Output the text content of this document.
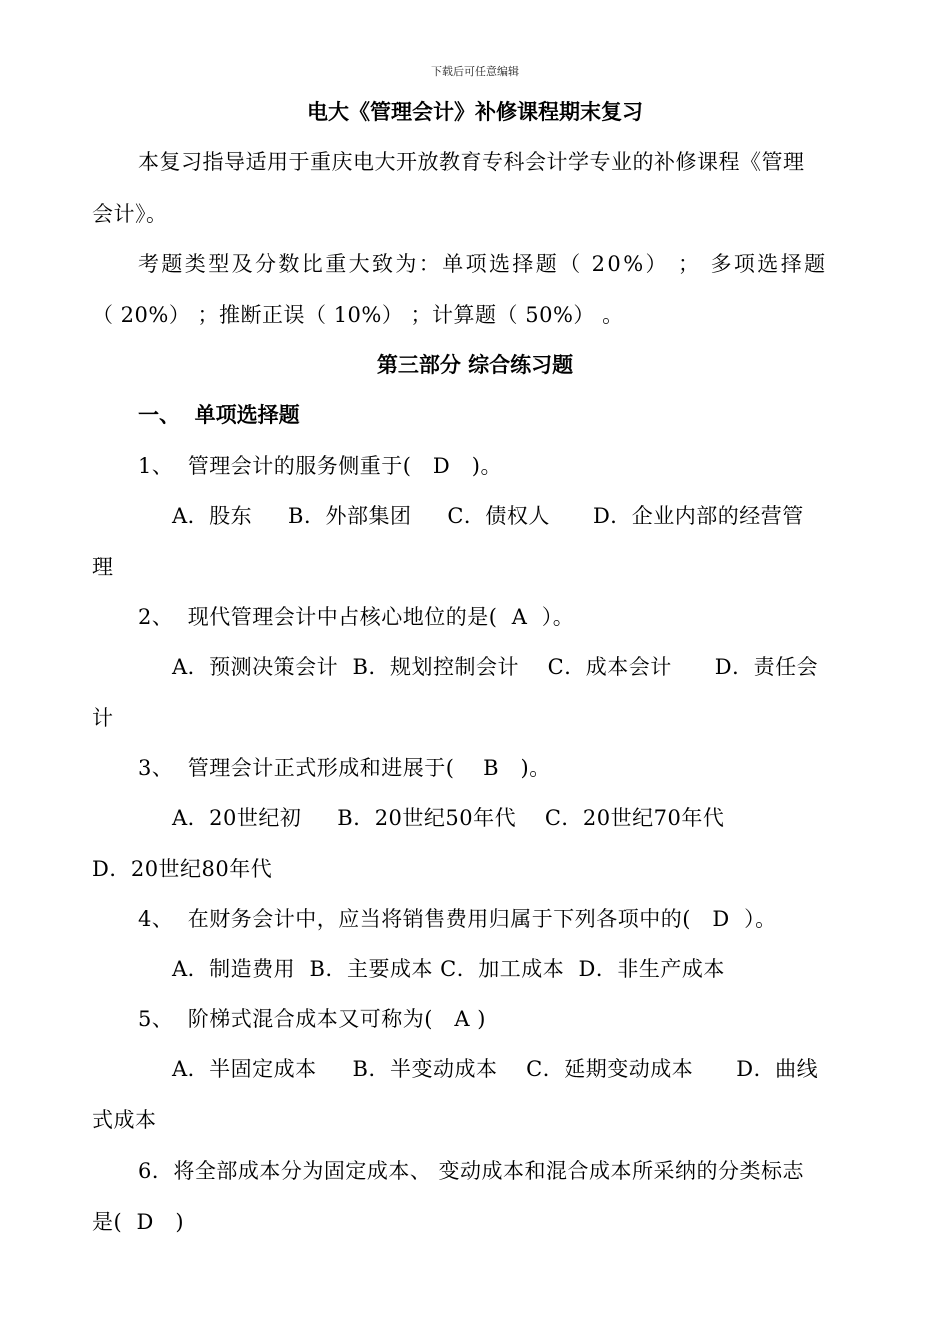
下载后可任意编辑
电大《管理会计》补修课程期末复习
本复习指导适用于重庆电大开放教育专科会计学专业的补修课程《管理
会计》。
考题类型及分数比重大致为：单项选择题（ 20%） ； 多项选择题
（ 20%） ；推断正误（ 10%） ；计算题（ 50%） 。
第三部分 综合练习题
一、  单项选择题
1、  管理会计的服务侧重于(   D   )。
A．股东     B．外部集团     C．债权人      D．企业内部的经营管
理
2、  现代管理会计中占核心地位的是(  A  ）。
A．预测决策会计  B．规划控制会计    C．成本会计      D．责任会
计
3、  管理会计正式形成和进展于(    B   )。
A．20世纪初     B．20世纪50年代    C．20世纪70年代
D．20世纪80年代
4、  在财务会计中，应当将销售费用归属于下列各项中的(   D  ）。
A．制造费用  B．主要成本 C．加工成本  D．非生产成本
5、  阶梯式混合成本又可称为(   A )
A．半固定成本     B．半变动成本    C．延期变动成本      D．曲线
式成本
6．将全部成本分为固定成本、 变动成本和混合成本所采纳的分类标志
是(  D   )
